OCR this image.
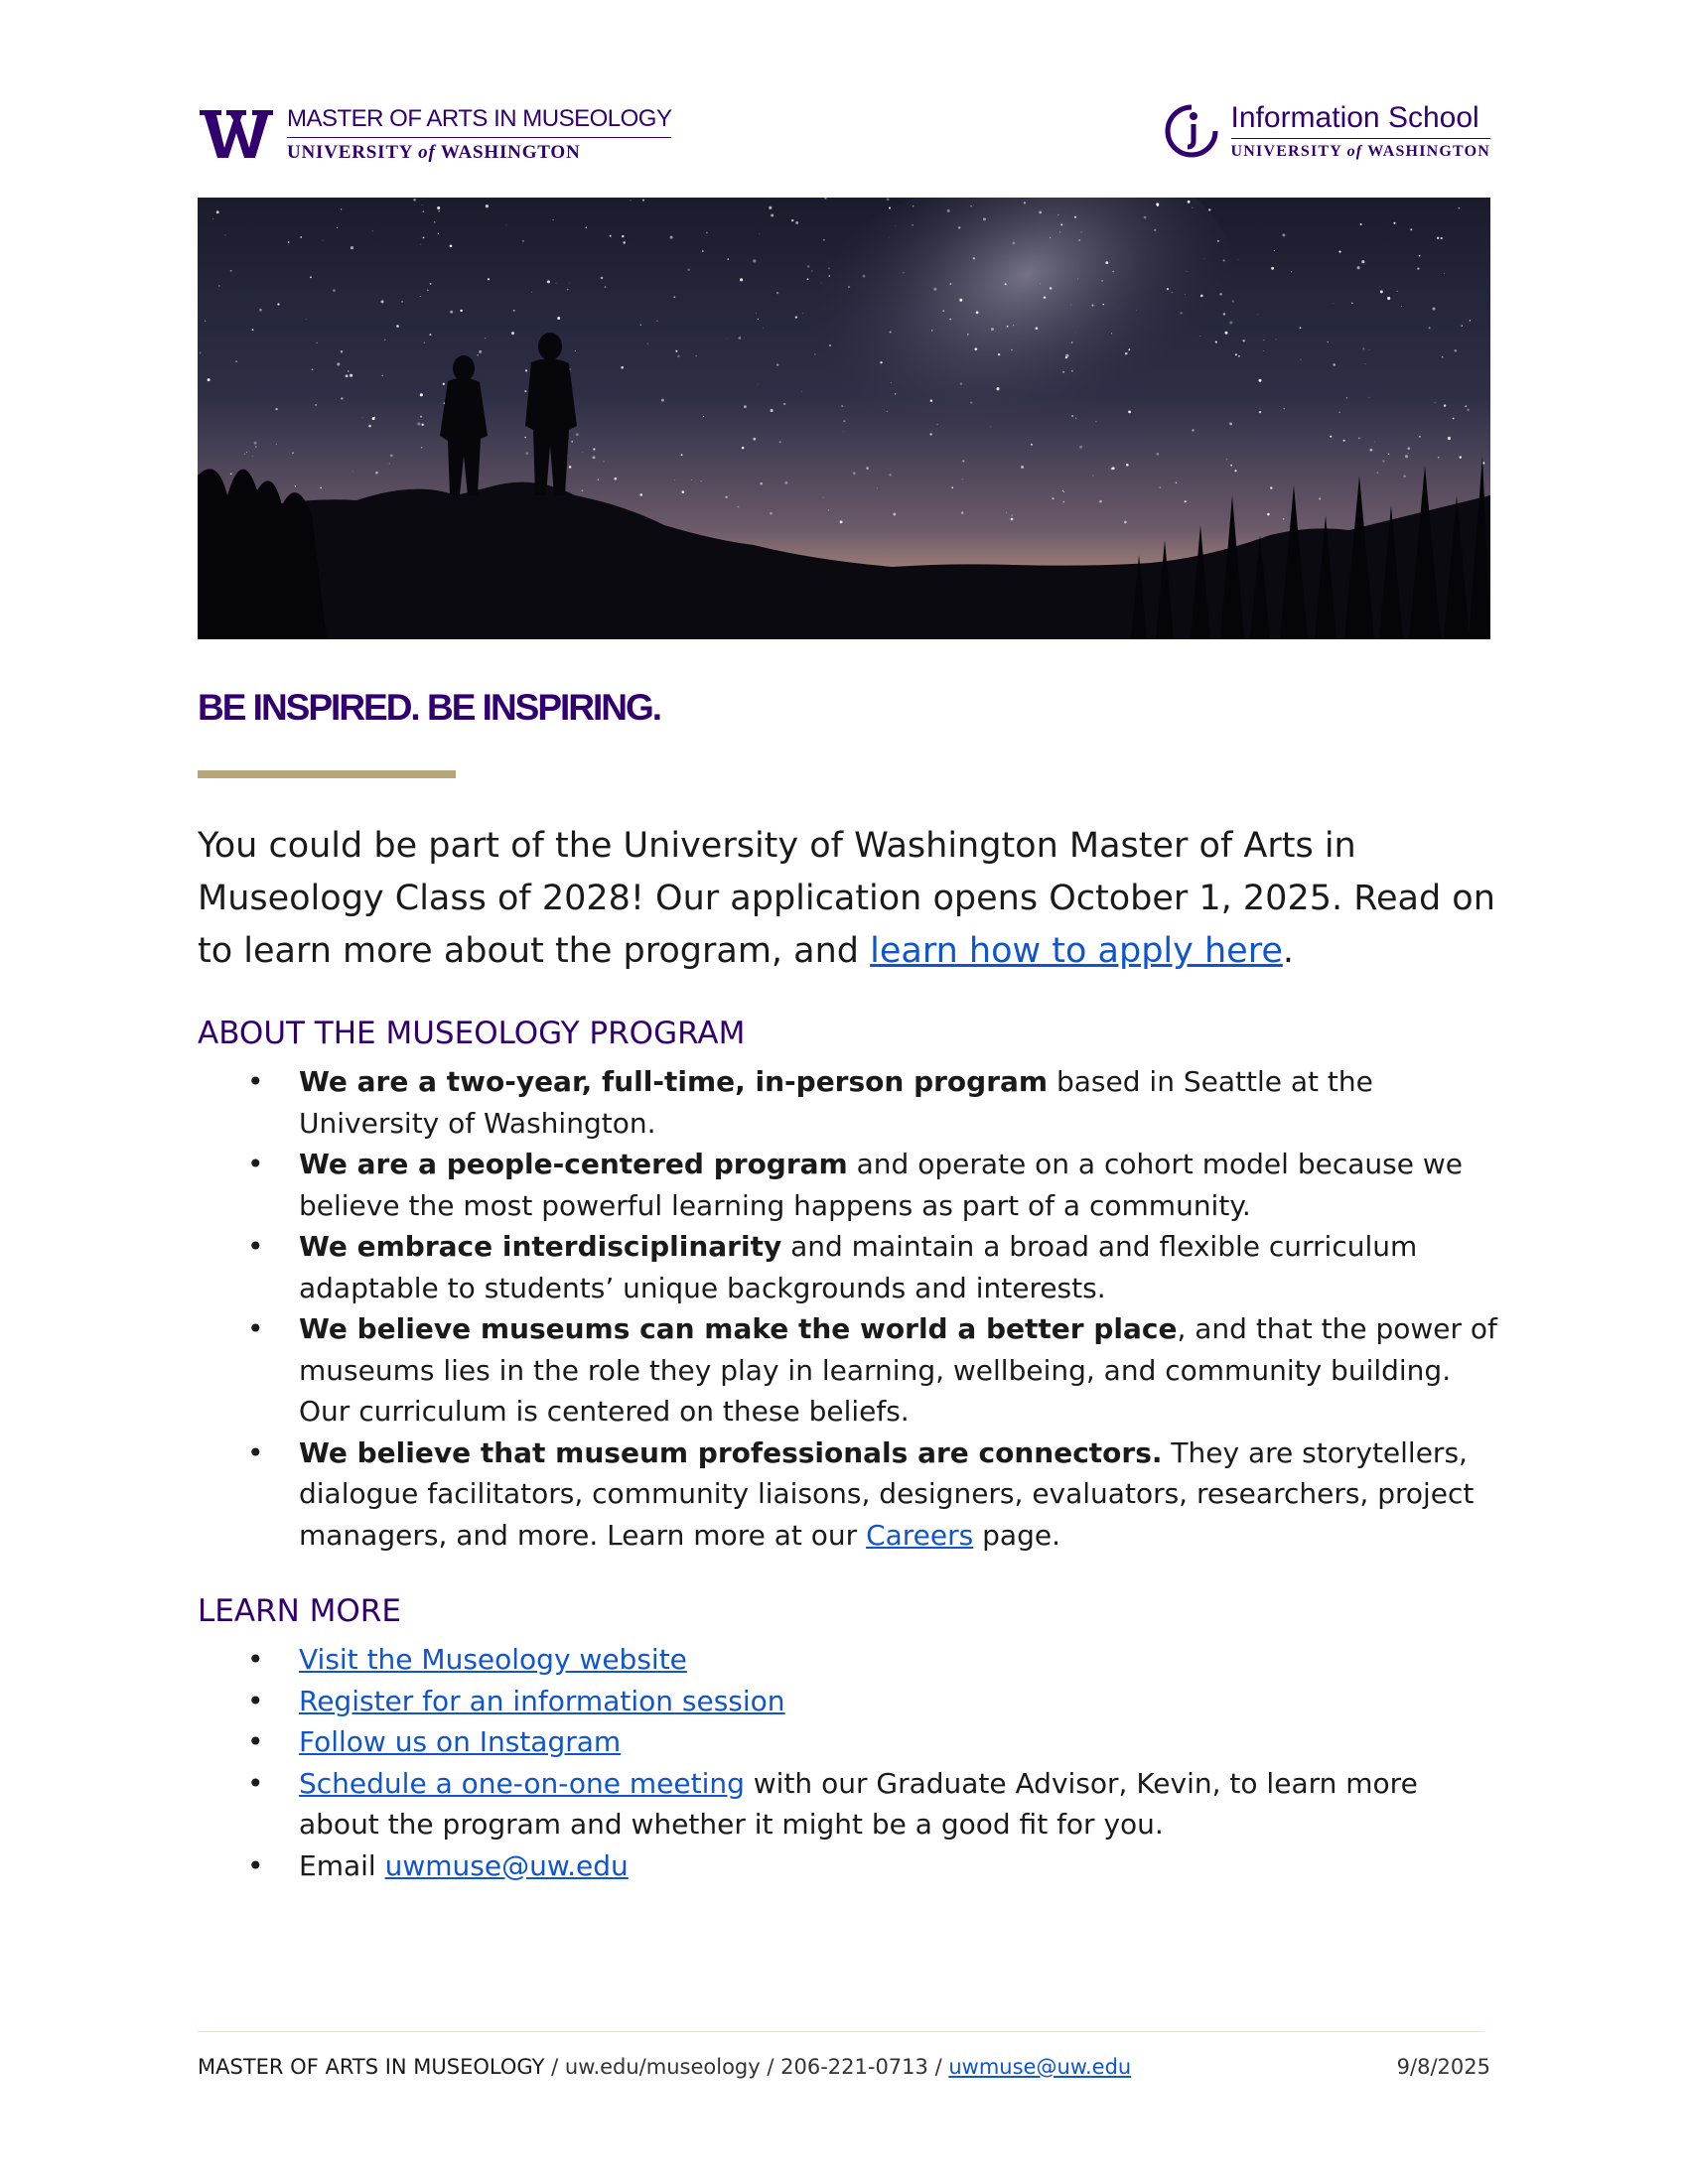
MASTER OF ARTS IN MUSEOLOGY
UNIVERSITY of WASHINGTON
Information School
UNIVERSITY of WASHINGTON
BE INSPIRED. BE INSPIRING.

You could be part of the University of Washington Master of Arts in Museology Class of 2028! Our application opens October 1, 2025. Read on to learn more about the program, and learn how to apply here.

ABOUT THE MUSEOLOGY PROGRAM
• We are a two-year, full-time, in-person program based in Seattle at the University of Washington.
• We are a people-centered program and operate on a cohort model because we believe the most powerful learning happens as part of a community.
• We embrace interdisciplinarity and maintain a broad and flexible curriculum adaptable to students’ unique backgrounds and interests.
• We believe museums can make the world a better place, and that the power of museums lies in the role they play in learning, wellbeing, and community building. Our curriculum is centered on these beliefs.
• We believe that museum professionals are connectors. They are storytellers, dialogue facilitators, community liaisons, designers, evaluators, researchers, project managers, and more. Learn more at our Careers page.
LEARN MORE
• Visit the Museology website
• Register for an information session
• Follow us on Instagram
• Schedule a one-on-one meeting with our Graduate Advisor, Kevin, to learn more about the program and whether it might be a good fit for you.
• Email uwmuse@uw.edu
MASTER OF ARTS IN MUSEOLOGY / uw.edu/museology / 206-221-0713 / uwmuse@uw.edu	9/8/2025
